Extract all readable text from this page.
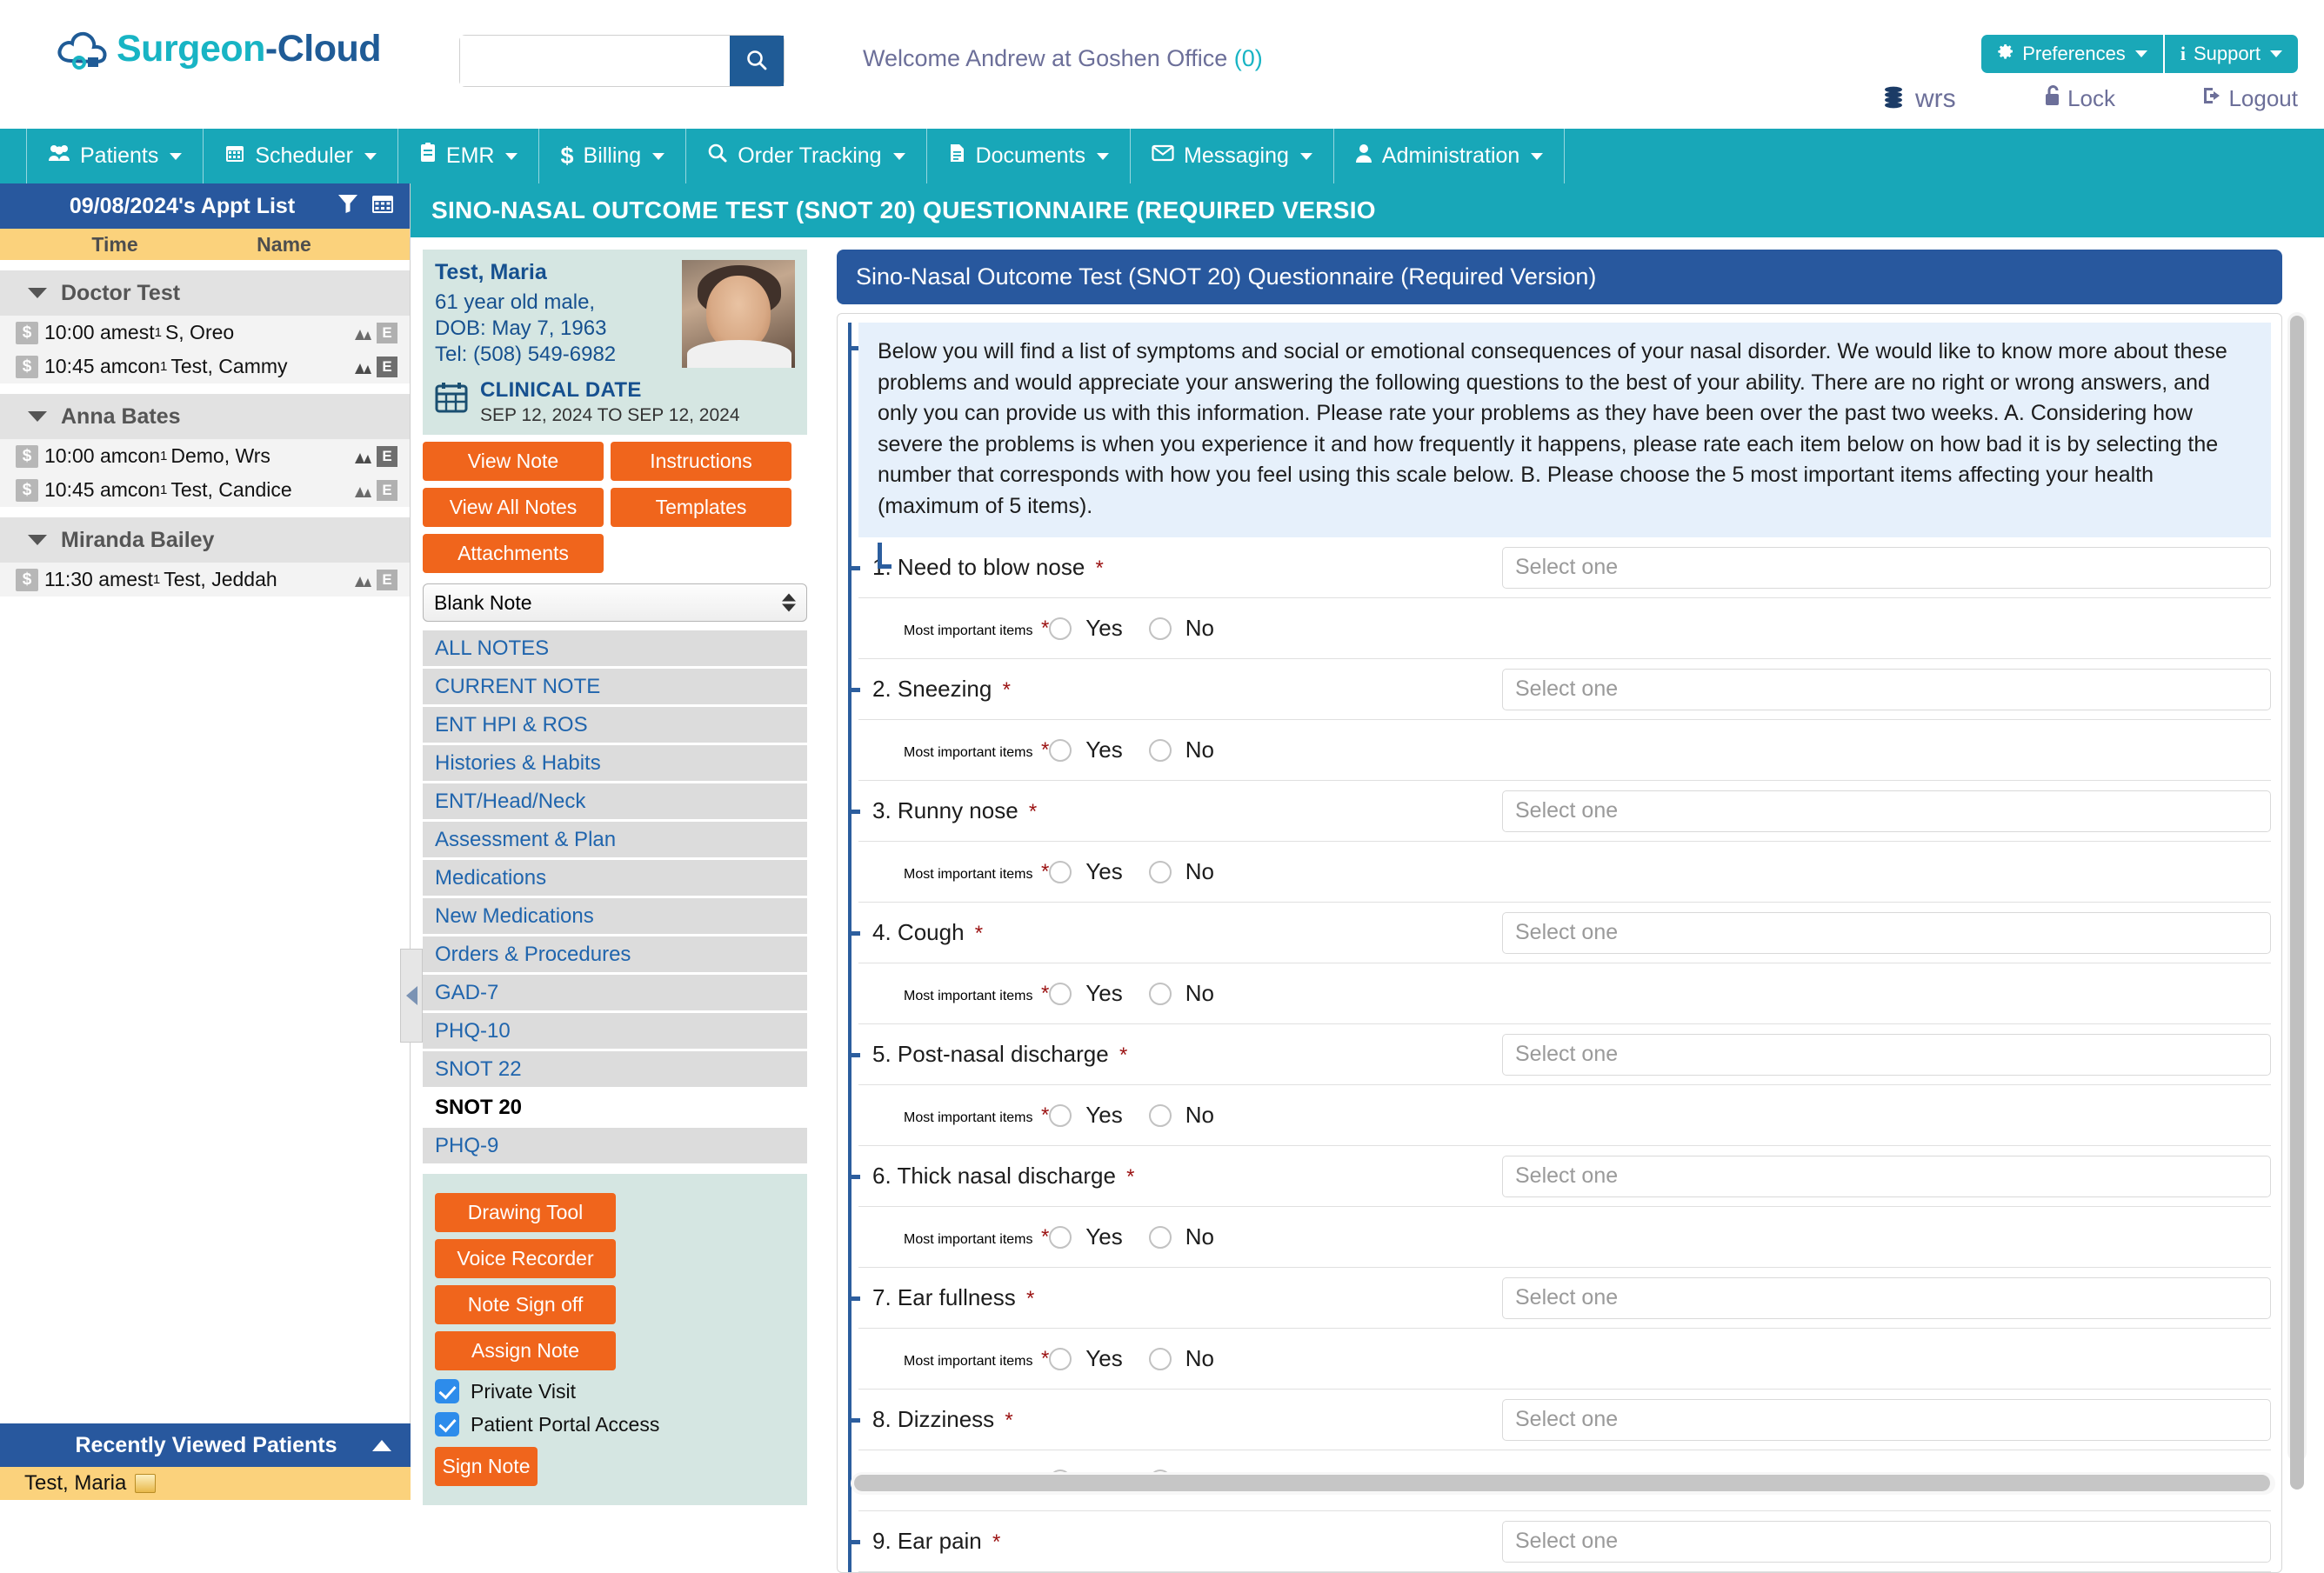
Surgeon-Cloud	Welcome Andrew at Goshen Office (0)	Preferences	i Support
wrs	Lock	Logout
Patients	Scheduler	EMR	$ Billing	Order Tracking	Documents	Messaging	Administration
09/08/2024's Appt List
Time	Name
Doctor Test
$ 10:00 am est 1 S, Oreo	E
$ 10:45 am con 1 Test, Cammy	E
Anna Bates
$ 10:00 am con 1 Demo, Wrs	E
$ 10:45 am con 1 Test, Candice	E
Miranda Bailey
$ 11:30 am est 1 Test, Jeddah	E
Recently Viewed Patients
Test, Maria
SINO-NASAL OUTCOME TEST (SNOT 20) QUESTIONNAIRE (REQUIRED VERSIO
Test, Maria
61 year old male,
DOB: May 7, 1963
Tel: (508) 549-6982
CLINICAL DATE
SEP 12, 2024 TO SEP 12, 2024
View Note	Instructions
View All Notes	Templates
Attachments
Blank Note
ALL NOTES
CURRENT NOTE
ENT HPI & ROS
Histories & Habits
ENT/Head/Neck
Assessment & Plan
Medications
New Medications
Orders & Procedures
GAD-7
PHQ-10
SNOT 22
SNOT 20
PHQ-9
Drawing Tool
Voice Recorder
Note Sign off
Assign Note
Private Visit
Patient Portal Access
Sign Note
Sino-Nasal Outcome Test (SNOT 20) Questionnaire (Required Version)
Below you will find a list of symptoms and social or emotional consequences of your nasal disorder. We would like to know more about these problems and would appreciate your answering the following questions to the best of your ability. There are no right or wrong answers, and only you can provide us with this information. Please rate your problems as they have been over the past two weeks. A. Considering how severe the problems is when you experience it and how frequently it happens, please rate each item below on how bad it is by selecting the number that corresponds with how you feel using this scale below. B. Please choose the 5 most important items affecting your health (maximum of 5 items).
1. Need to blow nose *	Select one
Most important items * Yes	No
2. Sneezing *	Select one
Most important items * Yes	No
3. Runny nose *	Select one
Most important items * Yes	No
4. Cough *	Select one
Most important items * Yes	No
5. Post-nasal discharge *	Select one
Most important items * Yes	No
6. Thick nasal discharge *	Select one
Most important items * Yes	No
7. Ear fullness *	Select one
Most important items * Yes	No
8. Dizziness *	Select one
9. Ear pain *	Select one
